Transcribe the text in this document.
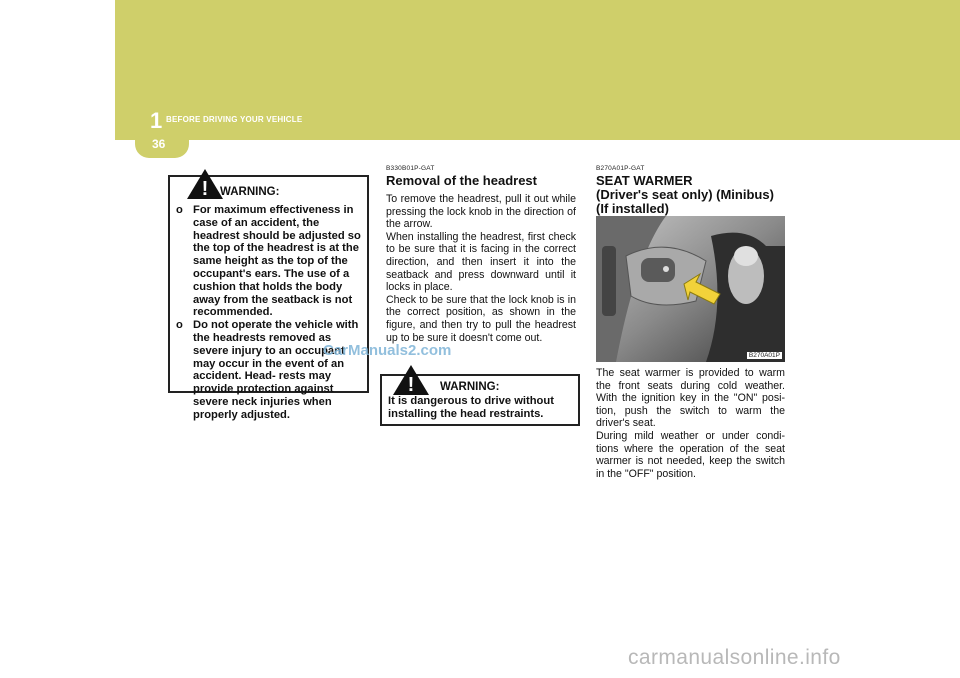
1 BEFORE DRIVING YOUR VEHICLE
36
! WARNING:
o For maximum effectiveness in case of an accident, the headrest should be adjusted so the top of the headrest is at the same height as the top of the occupant's ears. The use of a cushion that holds the body away from the seatback is not recommended.
o Do not operate the vehicle with the headrests removed as severe injury to an occupant may occur in the event of an accident. Head- rests may provide protection against severe neck injuries when properly adjusted.
B330B01P-GAT
Removal of the headrest

To remove the headrest, pull it out while pressing the lock knob in the direction of the arrow.

When installing the headrest, first check to be sure that it is facing in the correct direction, and then insert it into the seatback and press downward until it locks in place.

Check to be sure that the lock knob is in the correct position, as shown in the figure, and then try to pull the headrest up to be sure it doesn't come out.

! WARNING:
It is dangerous to drive without installing the head restraints.
B270A01P-GAT
SEAT WARMER
(Driver's seat only) (Minibus)
(If installed)
B270A01P

The seat warmer is provided to warm the front seats during cold weather. With the ignition key in the "ON" posi- tion, push the switch to warm the driver's seat.

During mild weather or under condi- tions where the operation of the seat warmer is not needed, keep the switch in the "OFF" position.

CarManuals2.com
carmanualsonline.info
